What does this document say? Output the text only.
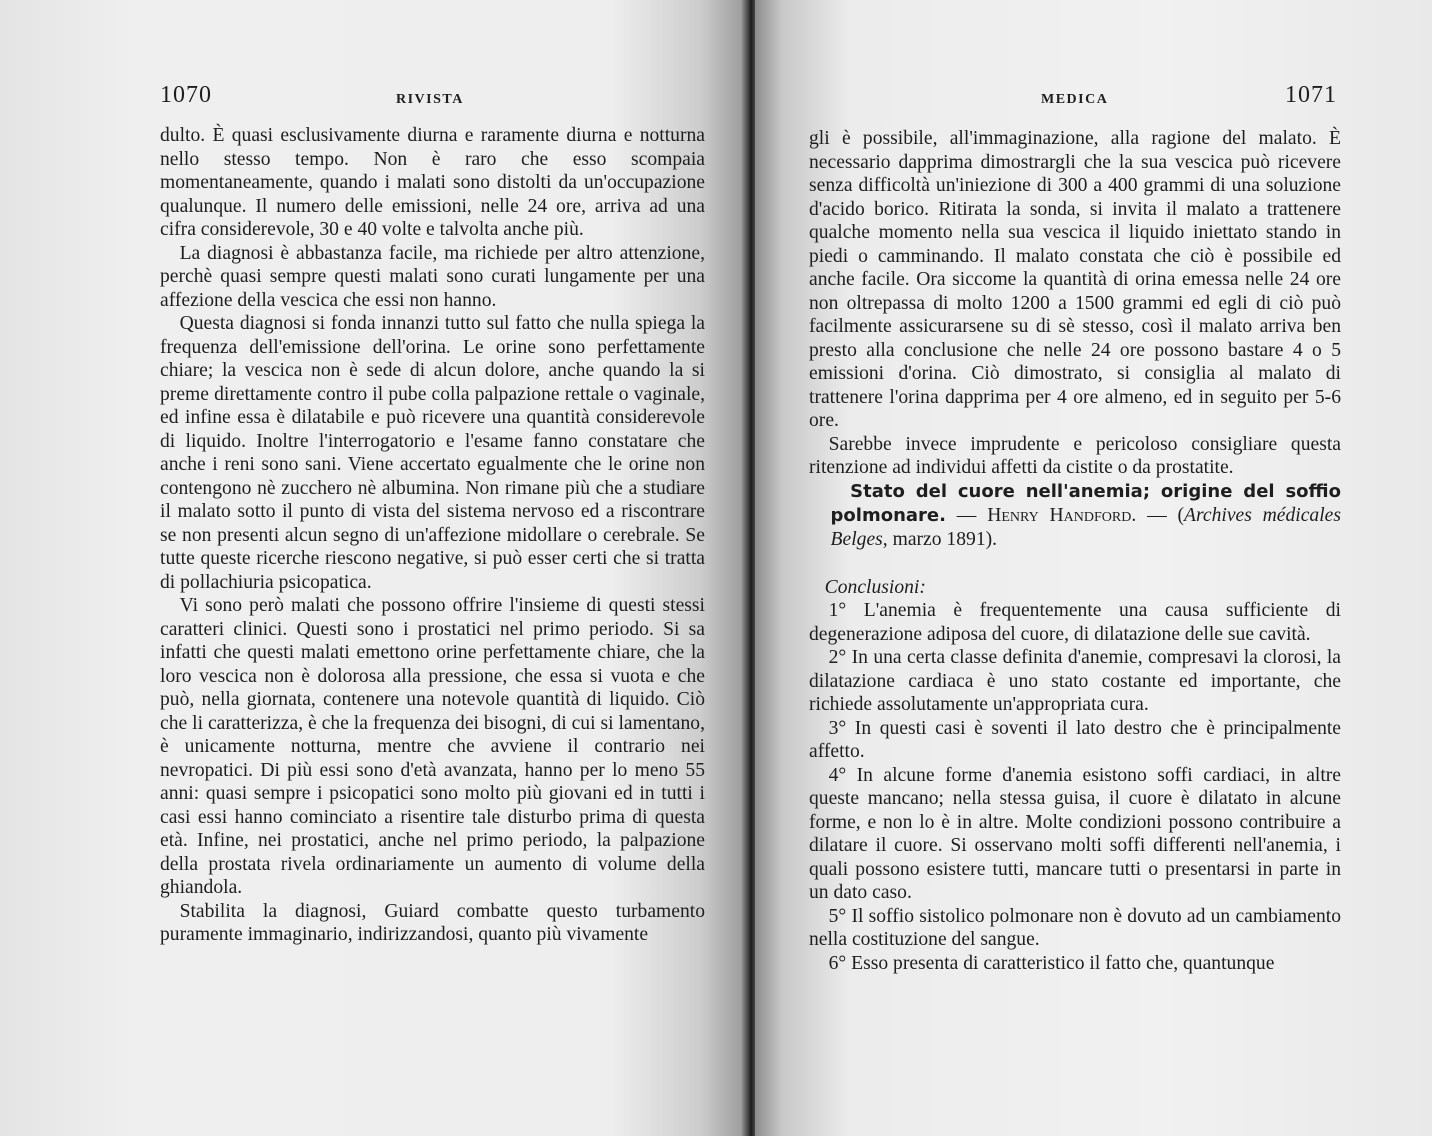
1070	RIVISTA

dulto. È quasi esclusivamente diurna e raramente diurna e notturna nello stesso tempo. Non è raro che esso scompaia momentaneamente, quando i malati sono distolti da un'occupazione qualunque. Il numero delle emissioni, nelle 24 ore, arriva ad una cifra considerevole, 30 e 40 volte e talvolta anche più.

La diagnosi è abbastanza facile, ma richiede per altro attenzione, perchè quasi sempre questi malati sono curati lungamente per una affezione della vescica che essi non hanno.

Questa diagnosi si fonda innanzi tutto sul fatto che nulla spiega la frequenza dell'emissione dell'orina. Le orine sono perfettamente chiare; la vescica non è sede di alcun dolore, anche quando la si preme direttamente contro il pube colla palpazione rettale o vaginale, ed infine essa è dilatabile e può ricevere una quantità considerevole di liquido. Inoltre l'interrogatorio e l'esame fanno constatare che anche i reni sono sani. Viene accertato egualmente che le orine non contengono nè zucchero nè albumina. Non rimane più che a studiare il malato sotto il punto di vista del sistema nervoso ed a riscontrare se non presenti alcun segno di un'affezione midollare o cerebrale. Se tutte queste ricerche riescono negative, si può esser certi che si tratta di pollachiuria psicopatica.

Vi sono però malati che possono offrire l'insieme di questi stessi caratteri clinici. Questi sono i prostatici nel primo periodo. Si sa infatti che questi malati emettono orine perfettamente chiare, che la loro vescica non è dolorosa alla pressione, che essa si vuota e che può, nella giornata, contenere una notevole quantità di liquido. Ciò che li caratterizza, è che la frequenza dei bisogni, di cui si lamentano, è unicamente notturna, mentre che avviene il contrario nei nevropatici. Di più essi sono d'età avanzata, hanno per lo meno 55 anni: quasi sempre i psicopatici sono molto più giovani ed in tutti i casi essi hanno cominciato a risentire tale disturbo prima di questa età. Infine, nei prostatici, anche nel primo periodo, la palpazione della prostata rivela ordinariamente un aumento di volume della ghiandola.

Stabilita la diagnosi, Guiard combatte questo turbamento puramente immaginario, indirizzandosi, quanto più vivamente

MEDICA	1071

gli è possibile, all'immaginazione, alla ragione del malato. È necessario dapprima dimostrargli che la sua vescica può ricevere senza difficoltà un'iniezione di 300 a 400 grammi di una soluzione d'acido borico. Ritirata la sonda, si invita il malato a trattenere qualche momento nella sua vescica il liquido iniettato stando in piedi o camminando. Il malato constata che ciò è possibile ed anche facile. Ora siccome la quantità di orina emessa nelle 24 ore non oltrepassa di molto 1200 a 1500 grammi ed egli di ciò può facilmente assicurarsene su di sè stesso, così il malato arriva ben presto alla conclusione che nelle 24 ore possono bastare 4 o 5 emissioni d'orina. Ciò dimostrato, si consiglia al malato di trattenere l'orina dapprima per 4 ore almeno, ed in seguito per 5-6 ore.

Sarebbe invece imprudente e pericoloso consigliare questa ritenzione ad individui affetti da cistite o da prostatite.

Stato del cuore nell'anemia; origine del soffio polmonare. — Henry Handford. — (Archives médicales Belges, marzo 1891).

Conclusioni:

1° L'anemia è frequentemente una causa sufficiente di degenerazione adiposa del cuore, di dilatazione delle sue cavità.

2° In una certa classe definita d'anemie, compresavi la clorosi, la dilatazione cardiaca è uno stato costante ed importante, che richiede assolutamente un'appropriata cura.

3° In questi casi è soventi il lato destro che è principalmente affetto.

4° In alcune forme d'anemia esistono soffi cardiaci, in altre queste mancano; nella stessa guisa, il cuore è dilatato in alcune forme, e non lo è in altre. Molte condizioni possono contribuire a dilatare il cuore. Si osservano molti soffi differenti nell'anemia, i quali possono esistere tutti, mancare tutti o presentarsi in parte in un dato caso.

5° Il soffio sistolico polmonare non è dovuto ad un cambiamento nella costituzione del sangue.

6° Esso presenta di caratteristico il fatto che, quantunque
